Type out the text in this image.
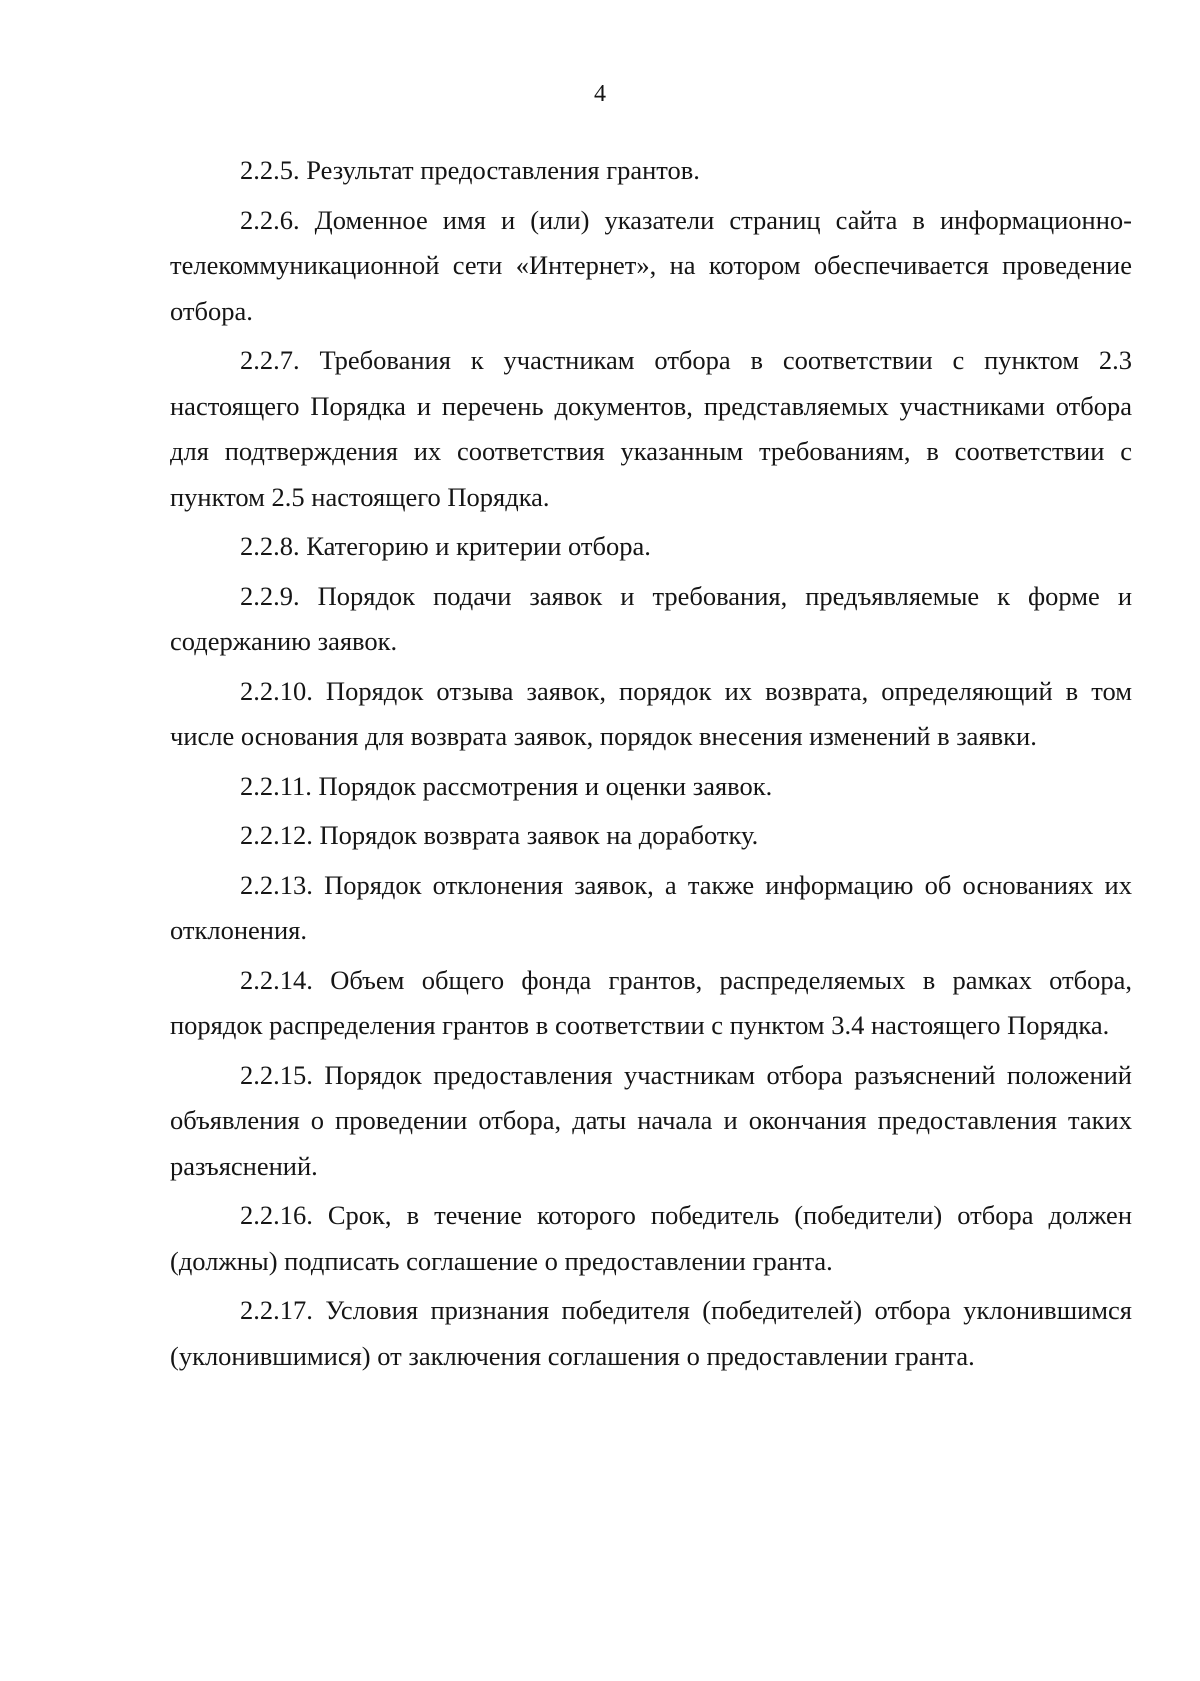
4

2.2.5. Результат предоставления грантов.

2.2.6. Доменное имя и (или) указатели страниц сайта в информационно-телекоммуникационной сети «Интернет», на котором обеспечивается проведение отбора.

2.2.7. Требования к участникам отбора в соответствии с пунктом 2.3 настоящего Порядка и перечень документов, представляемых участниками отбора для подтверждения их соответствия указанным требованиям, в соответствии с пунктом 2.5 настоящего Порядка.

2.2.8. Категорию и критерии отбора.

2.2.9. Порядок подачи заявок и требования, предъявляемые к форме и содержанию заявок.

2.2.10. Порядок отзыва заявок, порядок их возврата, определяющий в том числе основания для возврата заявок, порядок внесения изменений в заявки.

2.2.11. Порядок рассмотрения и оценки заявок.

2.2.12. Порядок возврата заявок на доработку.

2.2.13. Порядок отклонения заявок, а также информацию об основаниях их отклонения.

2.2.14. Объем общего фонда грантов, распределяемых в рамках отбора, порядок распределения грантов в соответствии с пунктом 3.4 настоящего Порядка.

2.2.15. Порядок предоставления участникам отбора разъяснений положений объявления о проведении отбора, даты начала и окончания предоставления таких разъяснений.

2.2.16. Срок, в течение которого победитель (победители) отбора должен (должны) подписать соглашение о предоставлении гранта.

2.2.17. Условия признания победителя (победителей) отбора уклонившимся (уклонившимися) от заключения соглашения о предоставлении гранта.
